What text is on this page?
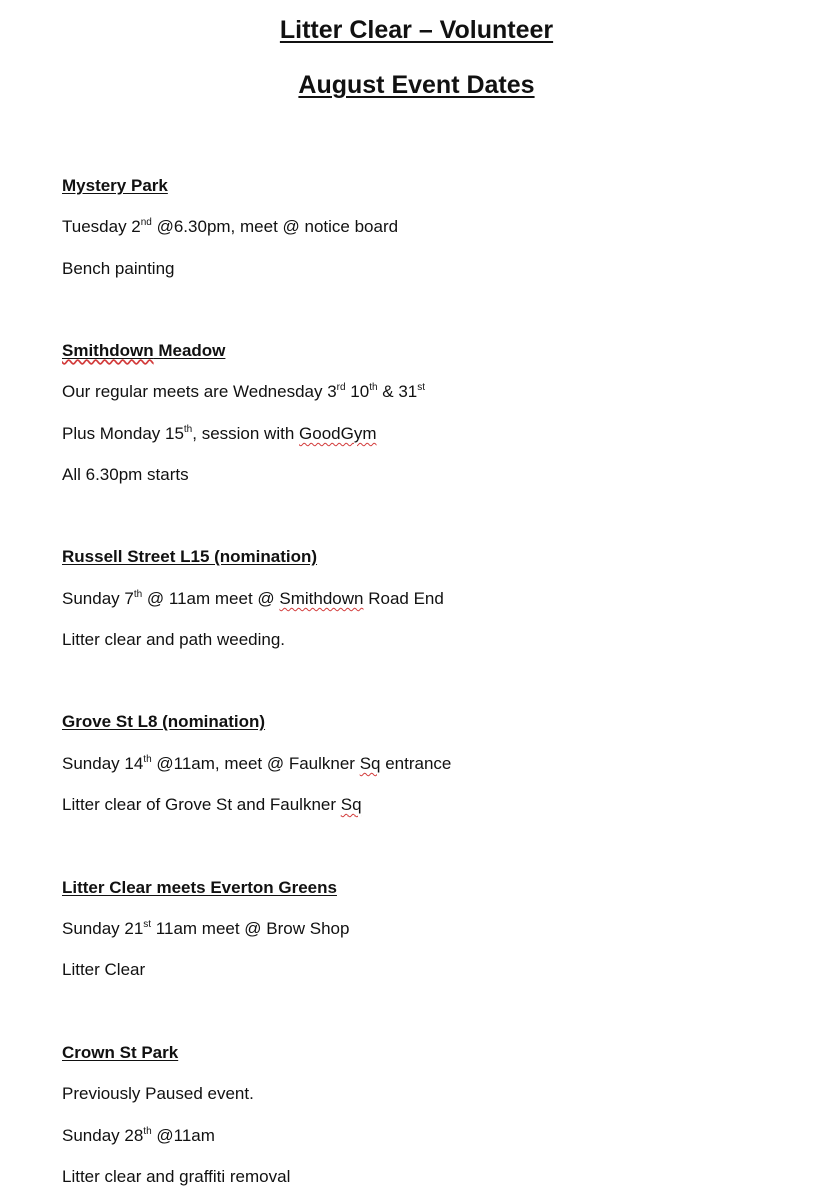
Litter Clear – Volunteer
August Event Dates

Mystery Park

Tuesday 2nd @6.30pm, meet @ notice board

Bench painting

Smithdown Meadow

Our regular meets are Wednesday 3rd 10th & 31st

Plus Monday 15th, session with GoodGym

All 6.30pm starts

Russell Street L15 (nomination)

Sunday 7th @ 11am meet @ Smithdown Road End

Litter clear and path weeding.

Grove St L8 (nomination)

Sunday 14th @11am, meet @ Faulkner Sq entrance

Litter clear of Grove St and Faulkner Sq

Litter Clear meets Everton Greens

Sunday 21st 11am meet @ Brow Shop

Litter Clear

Crown St Park

Previously Paused event.

Sunday 28th @11am

Litter clear and graffiti removal
